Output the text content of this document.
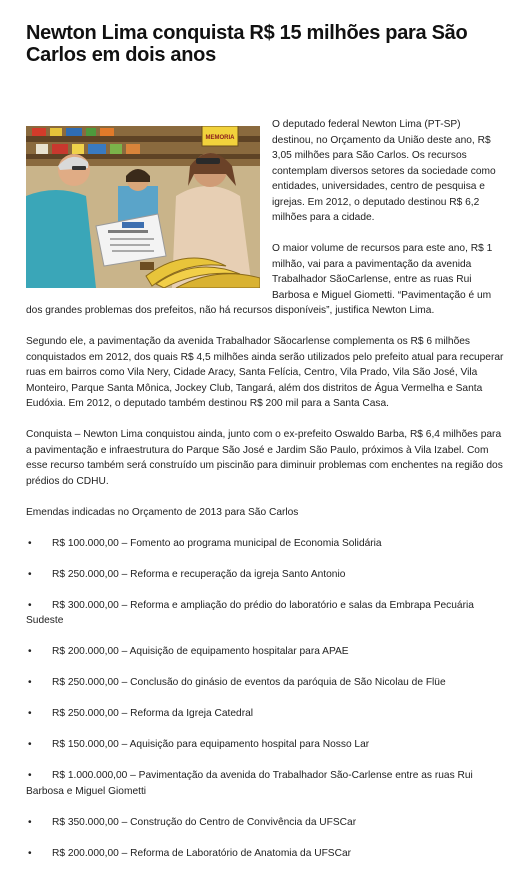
Newton Lima conquista R$ 15 milhões para São Carlos em dois anos
MEMORIA

O deputado federal Newton Lima (PT-SP) destinou, no Orçamento da União deste ano, R$ 3,05 milhões para São Carlos. Os recursos contemplam diversos setores da sociedade como entidades, universidades, centro de pesquisa e igrejas. Em 2012, o deputado destinou R$ 6,2 milhões para a cidade.

O maior volume de recursos para este ano, R$ 1 milhão, vai para a pavimentação da avenida Trabalhador SãoCarlense, entre as ruas Rui Barbosa e Miguel Giometti. “Pavimentação é um dos grandes problemas dos prefeitos, não há recursos disponíveis”, justifica Newton Lima.

Segundo ele, a pavimentação da avenida Trabalhador Sãocarlense complementa os R$ 6 milhões conquistados em 2012, dos quais R$ 4,5 milhões ainda serão utilizados pelo prefeito atual para recuperar ruas em bairros como Vila Nery, Cidade Aracy, Santa Felícia, Centro, Vila Prado, Vila São José, Vila Monteiro, Parque Santa Mônica, Jockey Club, Tangará, além dos distritos de Água Vermelha e Santa Eudóxia. Em 2012, o deputado também destinou R$ 200 mil para a Santa Casa.

Conquista – Newton Lima conquistou ainda, junto com o ex-prefeito Oswaldo Barba, R$ 6,4 milhões para a pavimentação e infraestrutura do Parque São José e Jardim São Paulo, próximos à Vila Izabel. Com esse recurso também será construído um piscinão para diminuir problemas com enchentes na região dos prédios do CDHU.

Emendas indicadas no Orçamento de 2013 para São Carlos

• R$ 100.000,00 – Fomento ao programa municipal de Economia Solidária
• R$ 250.000,00 – Reforma e recuperação da igreja Santo Antonio
• R$ 300.000,00 – Reforma e ampliação do prédio do laboratório e salas da Embrapa Pecuária Sudeste
• R$ 200.000,00 – Aquisição de equipamento hospitalar para APAE
• R$ 250.000,00 – Conclusão do ginásio de eventos da paróquia de São Nicolau de Flüe
• R$ 250.000,00 – Reforma da Igreja Catedral
• R$ 150.000,00 – Aquisição para equipamento hospital para Nosso Lar
• R$ 1.000.000,00 – Pavimentação da avenida do Trabalhador São-Carlense entre as ruas Rui Barbosa e Miguel Giometti
• R$ 350.000,00 – Construção do Centro de Convivência da UFSCar
• R$ 200.000,00 – Reforma de Laboratório de Anatomia da UFSCar
